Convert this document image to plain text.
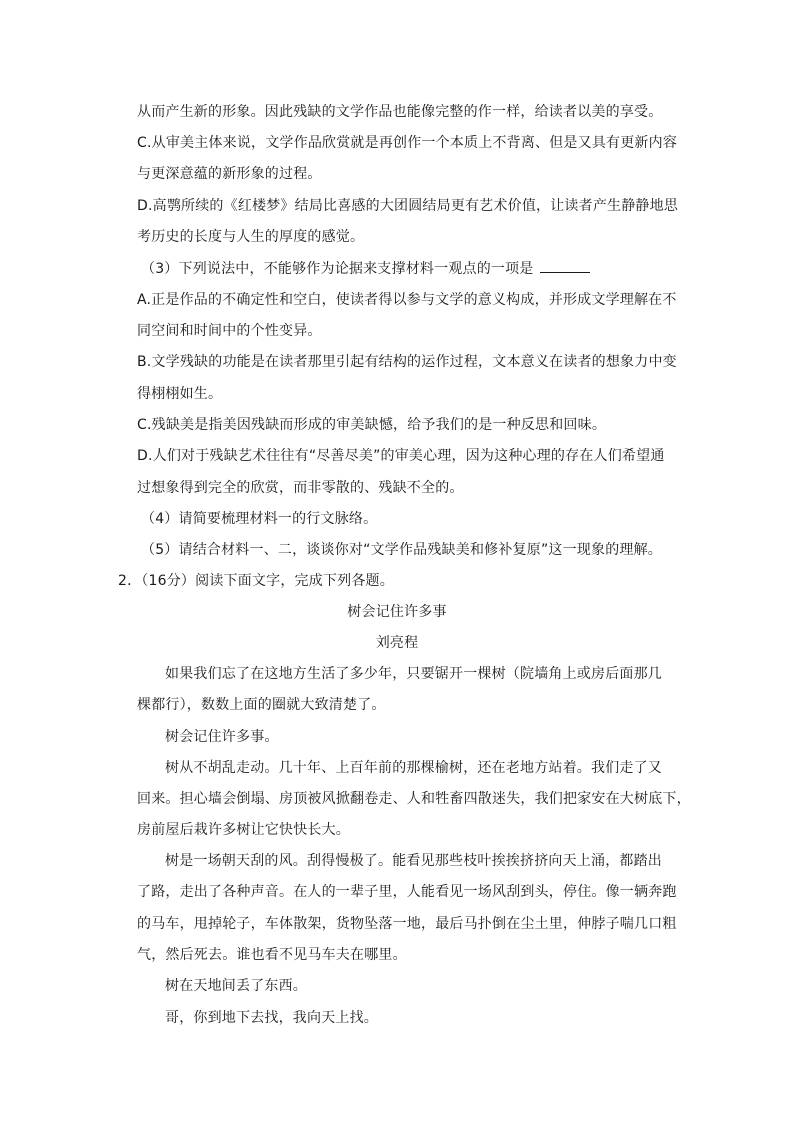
从而产生新的形象。因此残缺的文学作品也能像完整的作一样，给读者以美的享受。
C.从审美主体来说，文学作品欣赏就是再创作一个本质上不背离、但是又具有更新内容
与更深意蕴的新形象的过程。
D.高鹗所续的《红楼梦》结局比喜感的大团圆结局更有艺术价值，让读者产生静静地思
考历史的长度与人生的厚度的感觉。
（3）下列说法中，不能够作为论据来支撑材料一观点的一项是
A.正是作品的不确定性和空白，使读者得以参与文学的意义构成，并形成文学理解在不
同空间和时间中的个性变异。
B.文学残缺的功能是在读者那里引起有结构的运作过程，文本意义在读者的想象力中变
得栩栩如生。
C.残缺美是指美因残缺而形成的审美缺憾，给予我们的是一种反思和回味。
D.人们对于残缺艺术往往有“尽善尽美”的审美心理，因为这种心理的存在人们希望通
过想象得到完全的欣赏，而非零散的、残缺不全的。
（4）请简要梳理材料一的行文脉络。
（5）请结合材料一、二，谈谈你对“文学作品残缺美和修补复原”这一现象的理解。
2．（16分）阅读下面文字，完成下列各题。
树会记住许多事
刘亮程
如果我们忘了在这地方生活了多少年，只要锯开一棵树（院墙角上或房后面那几
棵都行），数数上面的圈就大致清楚了。
树会记住许多事。
树从不胡乱走动。几十年、上百年前的那棵榆树，还在老地方站着。我们走了又
回来。担心墙会倒塌、房顶被风掀翻卷走、人和牲畜四散迷失，我们把家安在大树底下，
房前屋后栽许多树让它快快长大。
树是一场朝天刮的风。刮得慢极了。能看见那些枝叶挨挨挤挤向天上涌，都踏出
了路，走出了各种声音。在人的一辈子里，人能看见一场风刮到头，停住。像一辆奔跑
的马车，甩掉轮子，车体散架，货物坠落一地，最后马扑倒在尘土里，伸脖子喘几口粗
气，然后死去。谁也看不见马车夫在哪里。
树在天地间丢了东西。
哥，你到地下去找，我向天上找。
